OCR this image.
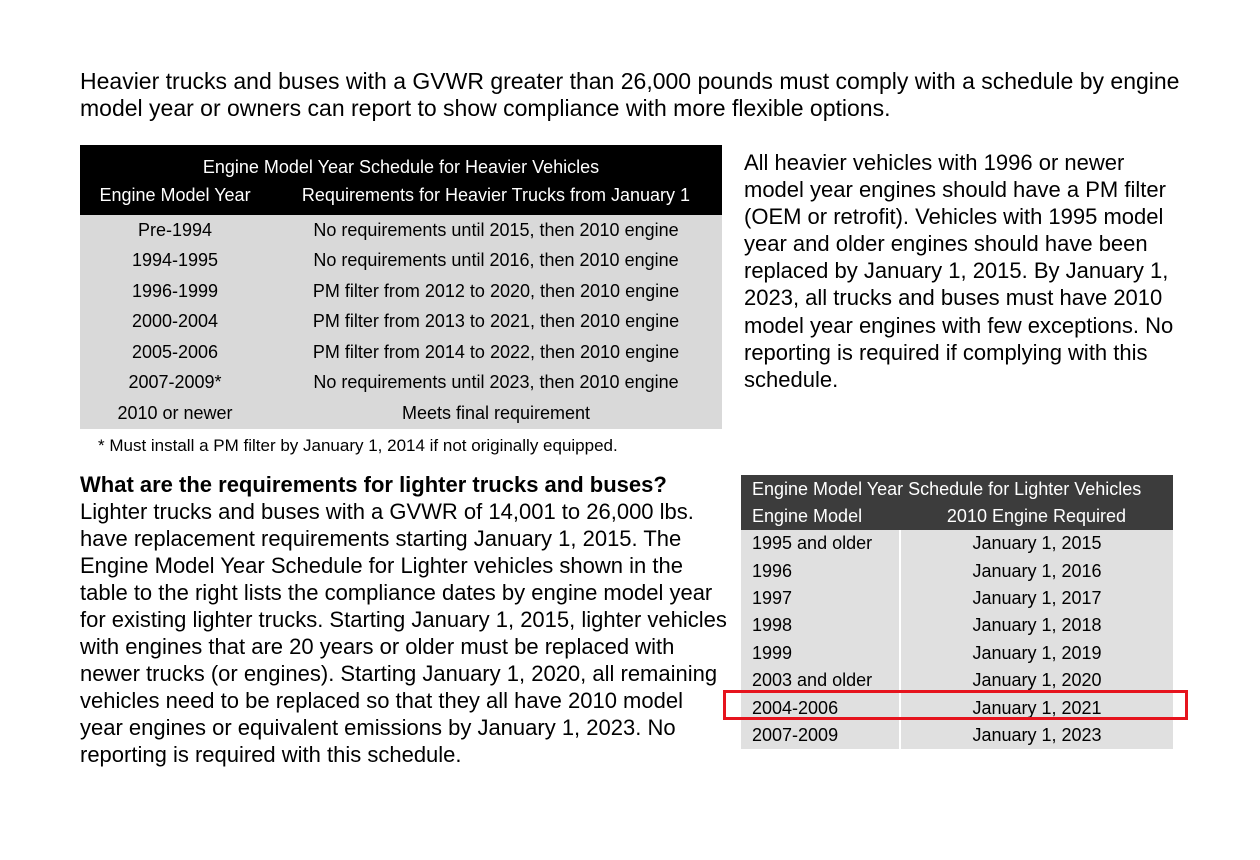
Heavier trucks and buses with a GVWR greater than 26,000 pounds must comply with a schedule by engine model year or owners can report to show compliance with more flexible options.

Engine Model Year Schedule for Heavier Vehicles	
Engine Model Year	Requirements for Heavier Trucks from January 1
Pre-1994	No requirements until 2015, then 2010 engine
1994-1995	No requirements until 2016, then 2010 engine
1996-1999	PM filter from 2012 to 2020, then 2010 engine
2000-2004	PM filter from 2013 to 2021, then 2010 engine
2005-2006	PM filter from 2014 to 2022, then 2010 engine
2007-2009*	No requirements until 2023, then 2010 engine
2010 or newer	Meets final requirement

* Must install a PM filter by January 1, 2014 if not originally equipped.

All heavier vehicles with 1996 or newer model year engines should have a PM filter (OEM or retrofit). Vehicles with 1995 model year and older engines should have been replaced by January 1, 2015. By January 1, 2023, all trucks and buses must have 2010 model year engines with few exceptions. No reporting is required if complying with this schedule.

What are the requirements for lighter trucks and buses?

Lighter trucks and buses with a GVWR of 14,001 to 26,000 lbs. have replacement requirements starting January 1, 2015. The Engine Model Year Schedule for Lighter vehicles shown in the table to the right lists the compliance dates by engine model year for existing lighter trucks. Starting January 1, 2015, lighter vehicles with engines that are 20 years or older must be replaced with newer trucks (or engines). Starting January 1, 2020, all remaining vehicles need to be replaced so that they all have 2010 model year engines or equivalent emissions by January 1, 2023. No reporting is required with this schedule.

Engine Model Year Schedule for Lighter Vehicles	
Engine Model	2010 Engine Required
1995 and older	January 1, 2015
1996	January 1, 2016
1997	January 1, 2017
1998	January 1, 2018
1999	January 1, 2019
2003 and older	January 1, 2020
2004-2006	January 1, 2021
2007-2009	January 1, 2023
